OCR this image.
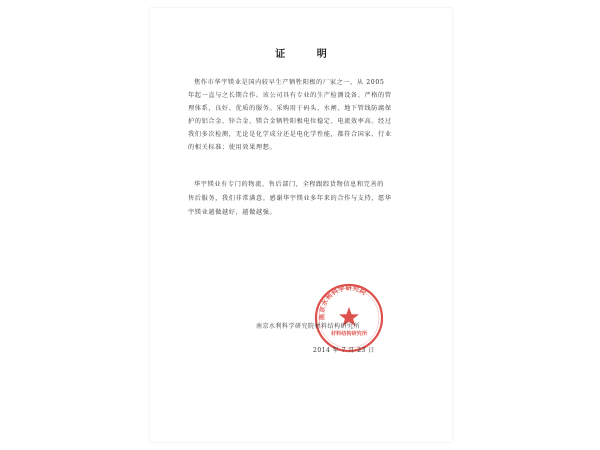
证 明
焦作市华宇镁业是国内较早生产牺牲阳极的厂家之一，从 2005
年起一直与之长期合作。该公司具有专业的生产检测设备、严格的管
理体系，良好、优质的服务。采购用于码头、水闸、地下管线防腐保
护的铝合金、锌合金、镁合金牺牲阳极电位稳定、电流效率高。经过
我们多次检测，无论是化学成分还是电化学性能，都符合国家、行业
的相关标准；使用效果理想。
华宇镁业有专门的物流、售后部门，全程跟踪货物信息和完善的
售后服务，我们非常满意。感谢华宇镁业多年来的合作与支持，愿华
宇镁业越做越好，越做越强。
南京水利科学研究院
材料结构研究所
南京水利科学研究院材料结构研究所
2014 年 7 月 23 日
